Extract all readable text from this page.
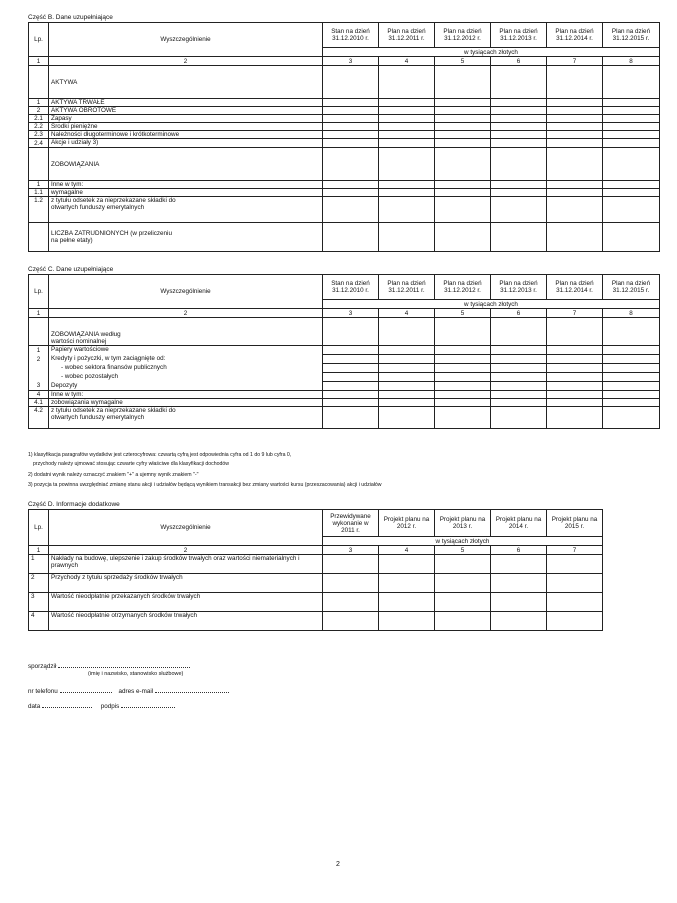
Część B. Dane uzupełniające
Lp.	Wyszczególnienie	Stan na dzień 31.12.2010 r.	Plan na dzień 31.12.2011 r.	Plan na dzień 31.12.2012 r.	Plan na dzień 31.12.2013 r.	Plan na dzień 31.12.2014 r.	Plan na dzień 31.12.2015 r.
		w tysiącach złotych					
1	2	3	4	5	6	7	8
	AKTYWA						
1	AKTYWA TRWAŁE						
2	AKTYWA OBROTOWE						
2.1	Zapasy						
2.2	Środki pieniężne						
2.3	Należności długoterminowe i krótkoterminowe						
2.4	Akcje i udziały 3)						
	ZOBOWIĄZANIA						
1	Inne w tym:						
1.1	wymagalne						
1.2	z tytułu odsetek za nieprzekazane składki do otwartych funduszy emerytalnych						
	LICZBA ZATRUDNIONYCH (w przeliczeniu na pełne etaty)						
Część C. Dane uzupełniające
Lp.	Wyszczególnienie	Stan na dzień 31.12.2010 r.	Plan na dzień 31.12.2011 r.	Plan na dzień 31.12.2012 r.	Plan na dzień 31.12.2013 r.	Plan na dzień 31.12.2014 r.	Plan na dzień 31.12.2015 r.
		w tysiącach złotych					
1	2	3	4	5	6	7	8
	ZOBOWIĄZANIA według wartości nominalnej						
1	Papiery wartościowe						
2	Kredyty i pożyczki, w tym zaciągnięte od:						
	- wobec sektora finansów publicznych						
	- wobec pozostałych						
3	Depozyty						
4	Inne w tym:						
4.1	zobowiązania wymagalne						
4.2	z tytułu odsetek za nieprzekazane składki do otwartych funduszy emerytalnych						
1) klasyfikacja paragrafów wydatków jest czterocyfrowa: czwartą cyfrą jest odpowiednia cyfra od 1 do 9 lub cyfra 0,
przychody należy ujmować stosując czwarte cyfry właściwe dla klasyfikacji dochodów
2) dodatni wynik należy oznaczyć znakiem "+" a ujemny wynik znakiem "-"
3) pozycja ta powinna uwzględniać zmianę stanu akcji i udziałów będącą wynikiem transakcji bez zmiany wartości kursu (przeszacowania) akcji i udziałów
Część D. Informacje dodatkowe
Lp.	Wyszczególnienie	Przewidywane wykonanie w 2011 r.	Projekt planu na 2012 r.	Projekt planu na 2013 r.	Projekt planu na 2014 r.	Projekt planu na 2015 r.
		w tysiącach złotych				
1	2	3	4	5	6	7
1	Nakłady na budowę, ulepszenie i zakup środków trwałych oraz wartości niematerialnych i prawnych					
2	Przychody z tytułu sprzedaży środków trwałych					
3	Wartość nieodpłatnie przekazanych środków trwałych					
4	Wartość nieodpłatnie otrzymanych środków trwałych					
sporządził
(imię i nazwisko, stanowisko służbowe)
nr telefonu	adres e-mail
data	podpis
2
